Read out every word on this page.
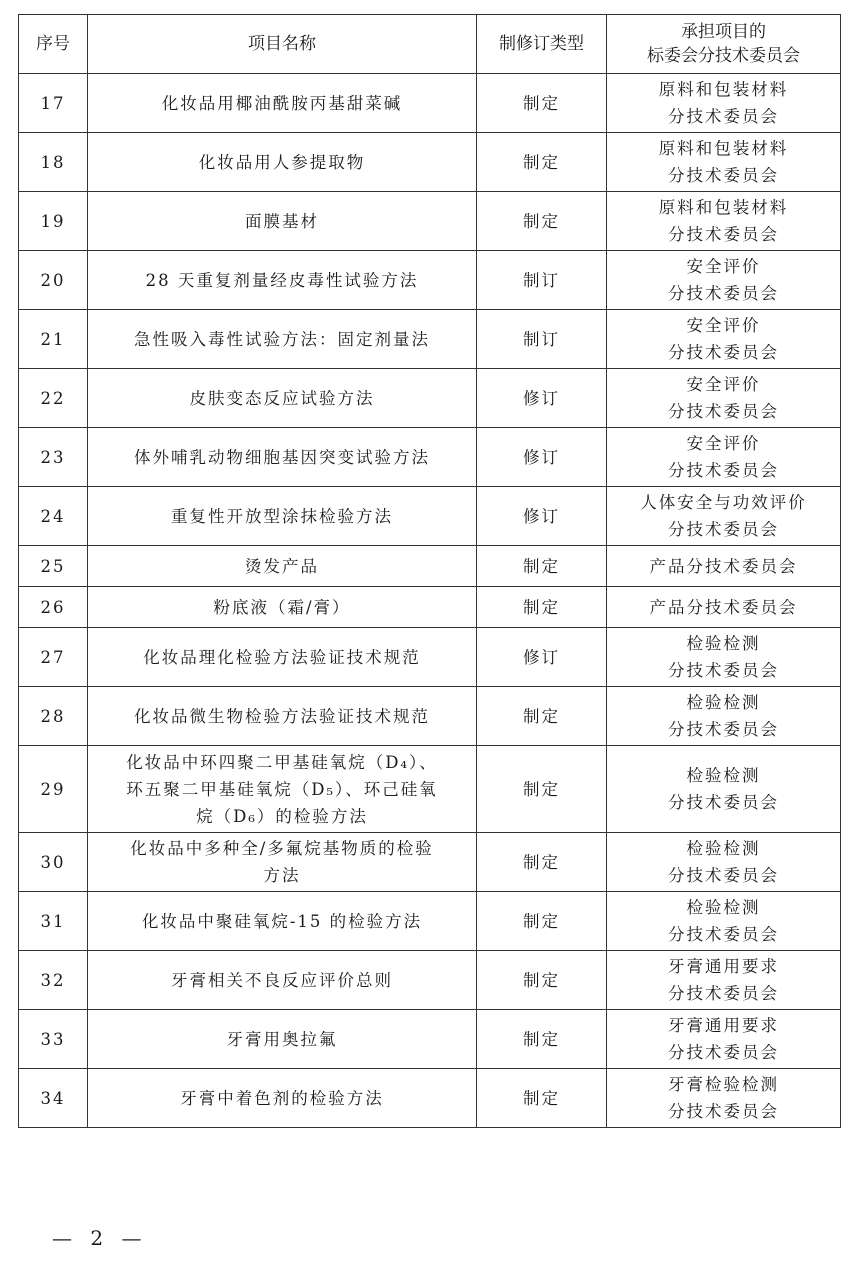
序号	项目名称	制修订类型	承担项目的
标委会分技术委员会

17	化妆品用椰油酰胺丙基甜菜碱	制定	原料和包装材料
分技术委员会

18	化妆品用人参提取物	制定	原料和包装材料
分技术委员会

19	面膜基材	制定	原料和包装材料
分技术委员会

20	28 天重复剂量经皮毒性试验方法	制订	安全评价
分技术委员会

21	急性吸入毒性试验方法：固定剂量法	制订	安全评价
分技术委员会

22	皮肤变态反应试验方法	修订	安全评价
分技术委员会

23	体外哺乳动物细胞基因突变试验方法	修订	安全评价
分技术委员会

24	重复性开放型涂抹检验方法	修订	人体安全与功效评价
分技术委员会

25	烫发产品	制定	产品分技术委员会

26	粉底液（霜/膏）	制定	产品分技术委员会

27	化妆品理化检验方法验证技术规范	修订	检验检测
分技术委员会

28	化妆品微生物检验方法验证技术规范	制定	检验检测
分技术委员会

29	化妆品中环四聚二甲基硅氧烷（D₄）、
环五聚二甲基硅氧烷（D₅）、环己硅氧
烷（D₆）的检验方法	制定	检验检测
分技术委员会

30	化妆品中多种全/多氟烷基物质的检验
方法	制定	检验检测
分技术委员会

31	化妆品中聚硅氧烷-15 的检验方法	制定	检验检测
分技术委员会

32	牙膏相关不良反应评价总则	制定	牙膏通用要求
分技术委员会

33	牙膏用奥拉氟	制定	牙膏通用要求
分技术委员会

34	牙膏中着色剂的检验方法	制定	牙膏检验检测
分技术委员会
— 2 —
